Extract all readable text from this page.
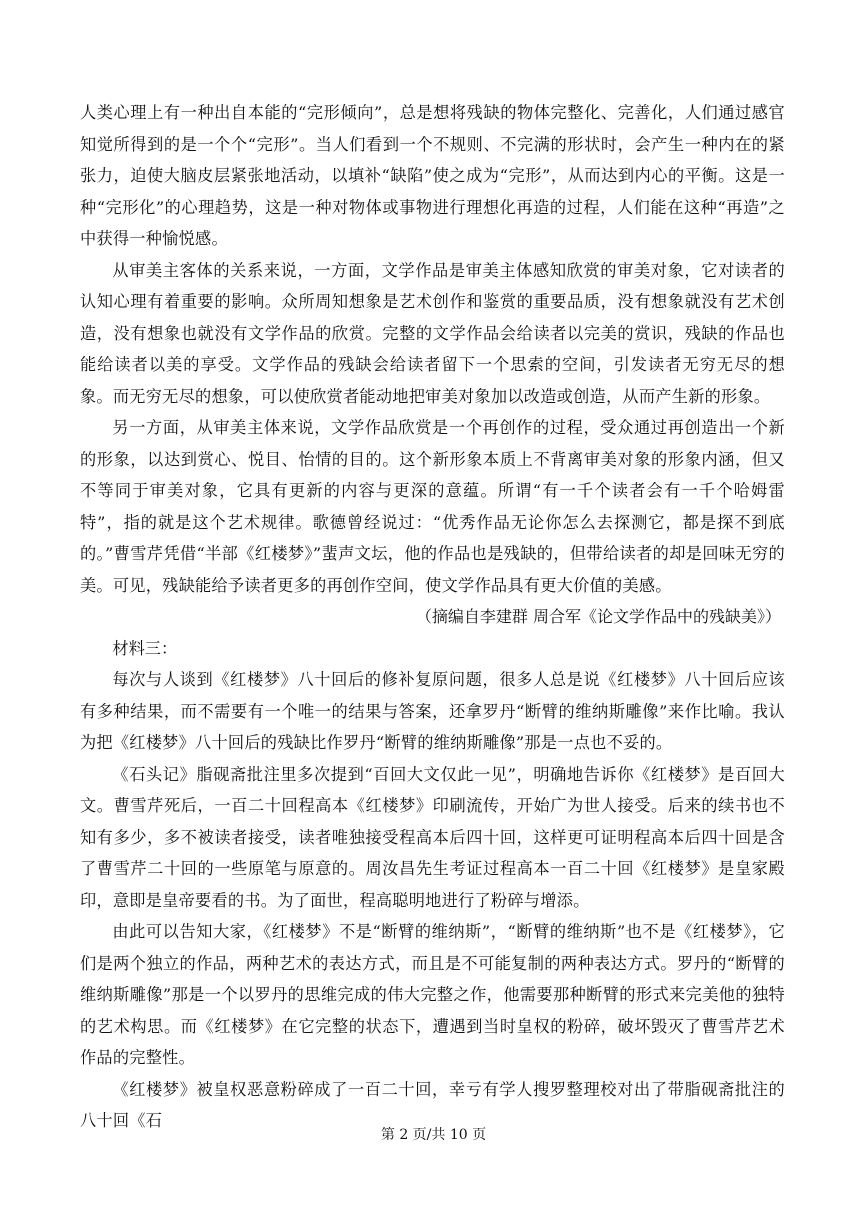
人类心理上有一种出自本能的“完形倾向”，总是想将残缺的物体完整化、完善化，人们通过感官知觉所得到的是一个个“完形”。当人们看到一个不规则、不完满的形状时，会产生一种内在的紧张力，迫使大脑皮层紧张地活动，以填补“缺陷”使之成为“完形”，从而达到内心的平衡。这是一种“完形化”的心理趋势，这是一种对物体或事物进行理想化再造的过程，人们能在这种“再造”之中获得一种愉悦感。

从审美主客体的关系来说，一方面，文学作品是审美主体感知欣赏的审美对象，它对读者的认知心理有着重要的影响。众所周知想象是艺术创作和鉴赏的重要品质，没有想象就没有艺术创造，没有想象也就没有文学作品的欣赏。完整的文学作品会给读者以完美的赏识，残缺的作品也能给读者以美的享受。文学作品的残缺会给读者留下一个思索的空间，引发读者无穷无尽的想象。而无穷无尽的想象，可以使欣赏者能动地把审美对象加以改造或创造，从而产生新的形象。

另一方面，从审美主体来说，文学作品欣赏是一个再创作的过程，受众通过再创造出一个新的形象，以达到赏心、悦目、怡情的目的。这个新形象本质上不背离审美对象的形象内涵，但又不等同于审美对象，它具有更新的内容与更深的意蕴。所谓“有一千个读者会有一千个哈姆雷特”，指的就是这个艺术规律。歌德曾经说过：“优秀作品无论你怎么去探测它，都是探不到底的。”曹雪芹凭借“半部《红楼梦》”蜚声文坛，他的作品也是残缺的，但带给读者的却是回味无穷的美。可见，残缺能给予读者更多的再创作空间，使文学作品具有更大价值的美感。

（摘编自李建群 周合军《论文学作品中的残缺美》）

材料三：

每次与人谈到《红楼梦》八十回后的修补复原问题，很多人总是说《红楼梦》八十回后应该有多种结果，而不需要有一个唯一的结果与答案，还拿罗丹“断臂的维纳斯雕像”来作比喻。我认为把《红楼梦》八十回后的残缺比作罗丹“断臂的维纳斯雕像”那是一点也不妥的。

《石头记》脂砚斋批注里多次提到“百回大文仅此一见”，明确地告诉你《红楼梦》是百回大文。曹雪芹死后，一百二十回程高本《红楼梦》印刷流传，开始广为世人接受。后来的续书也不知有多少，多不被读者接受，读者唯独接受程高本后四十回，这样更可证明程高本后四十回是含了曹雪芹二十回的一些原笔与原意的。周汝昌先生考证过程高本一百二十回《红楼梦》是皇家殿印，意即是皇帝要看的书。为了面世，程高聪明地进行了粉碎与增添。

由此可以告知大家，《红楼梦》不是“断臂的维纳斯”，“断臂的维纳斯”也不是《红楼梦》，它们是两个独立的作品，两种艺术的表达方式，而且是不可能复制的两种表达方式。罗丹的“断臂的维纳斯雕像”那是一个以罗丹的思维完成的伟大完整之作，他需要那种断臂的形式来完美他的独特的艺术构思。而《红楼梦》在它完整的状态下，遭遇到当时皇权的粉碎，破坏毁灭了曹雪芹艺术作品的完整性。

《红楼梦》被皇权恶意粉碎成了一百二十回，幸亏有学人搜罗整理校对出了带脂砚斋批注的八十回《石

第 2 页/共 10 页
